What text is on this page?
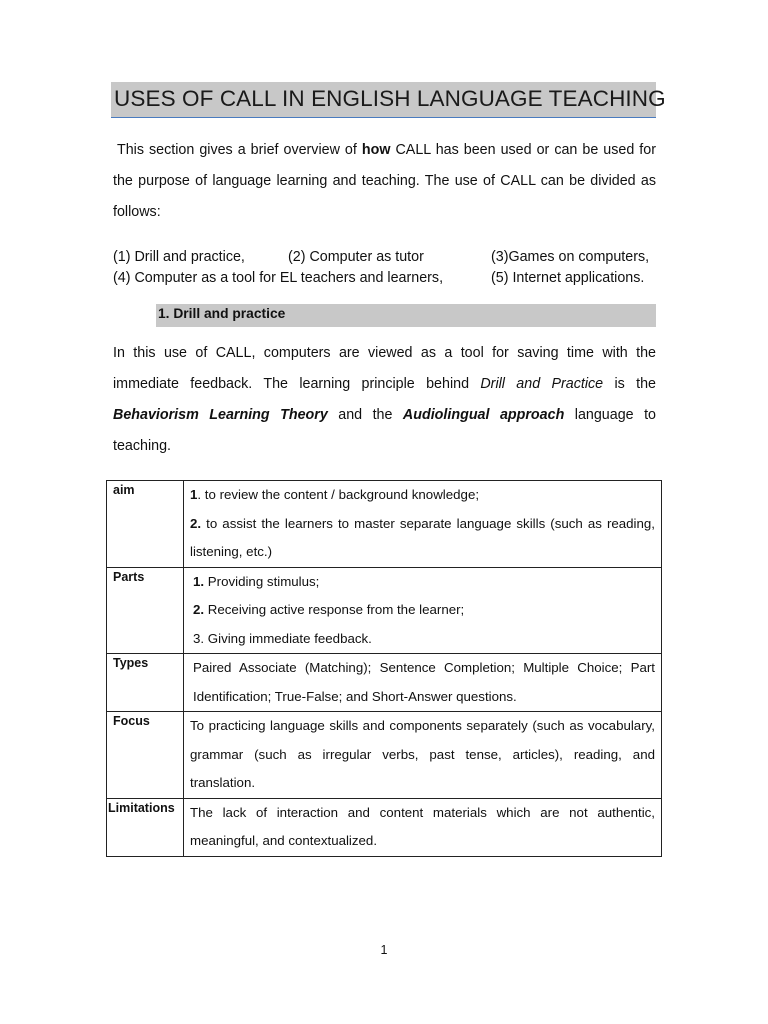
USES OF CALL IN ENGLISH LANGUAGE TEACHING
This section gives a brief overview of how CALL has been used or can be used for the purpose of language learning and teaching. The use of CALL can be divided as follows:
(1) Drill and practice,	(2) Computer as tutor	(3)Games on computers,
(4) Computer as a tool for EL teachers and learners,	(5) Internet applications.
1. Drill and practice
In this use of CALL, computers are viewed as a tool for saving time with the immediate feedback. The learning principle behind Drill and Practice is the Behaviorism Learning Theory and the Audiolingual approach language to teaching.
aim	1. to review the content / background knowledge;
2. to assist the learners to master separate language skills (such as reading, listening, etc.)

Parts	1. Providing stimulus;
2. Receiving active response from the learner;
3. Giving immediate feedback.

Types	Paired Associate (Matching); Sentence Completion; Multiple Choice; Part Identification; True-False; and Short-Answer questions.
Focus	To practicing language skills and components separately (such as vocabulary, grammar (such as irregular verbs, past tense, articles), reading, and translation.
Limitations	The lack of interaction and content materials which are not authentic, meaningful, and contextualized.
1
